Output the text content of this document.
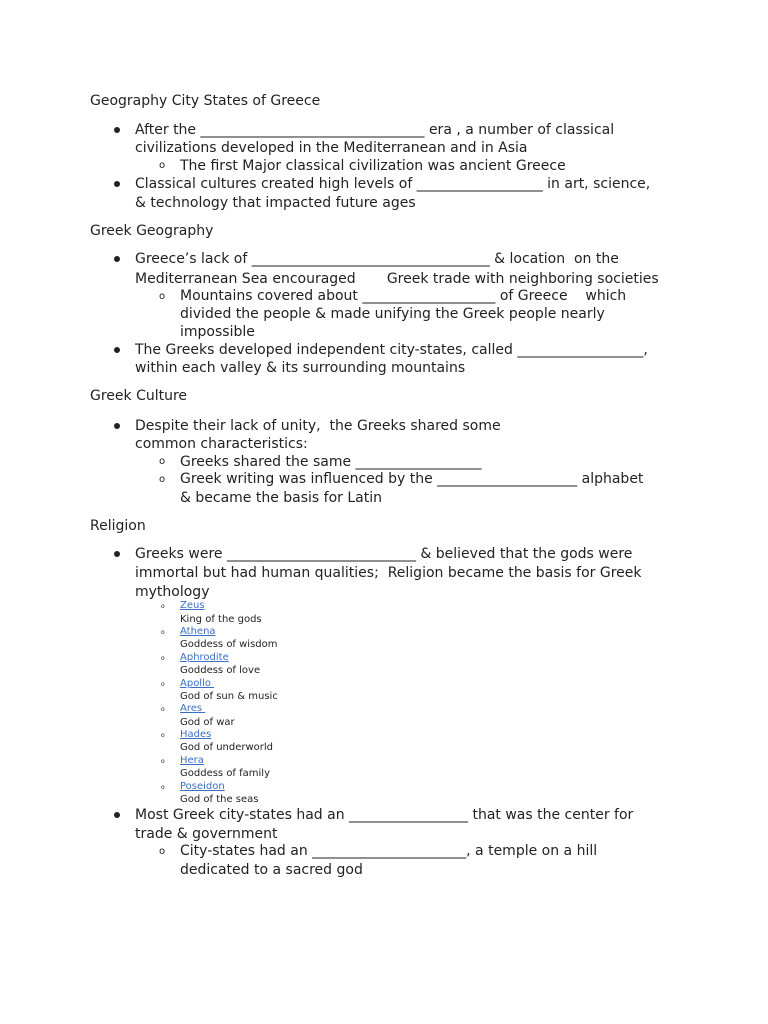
Geography City States of Greece
After the ________________________________ era , a number of classical
civilizations developed in the Mediterranean and in Asia
o The first Major classical civilization was ancient Greece
Classical cultures created high levels of __________________ in art, science,
& technology that impacted future ages
Greek Geography
Greece’s lack of __________________________________ & location  on the
Mediterranean Sea encouraged       Greek trade with neighboring societies
o Mountains covered about ___________________ of Greece    which
divided the people & made unifying the Greek people nearly
impossible
The Greeks developed independent city-states, called __________________,
within each valley & its surrounding mountains
Greek Culture
Despite their lack of unity,  the Greeks shared some
common characteristics:
o Greeks shared the same __________________
o Greek writing was influenced by the ____________________ alphabet
& became the basis for Latin
Religion
Greeks were ___________________________ & believed that the gods were
immortal but had human qualities;  Religion became the basis for Greek
mythology
o Zeus
King of the gods
o Athena
Goddess of wisdom
o Aphrodite
Goddess of love
o Apollo
God of sun & music
o Ares
God of war
o Hades
God of underworld
o Hera
Goddess of family
o Poseidon
God of the seas
Most Greek city-states had an _________________ that was the center for
trade & government
o City-states had an ______________________, a temple on a hill
dedicated to a sacred god
